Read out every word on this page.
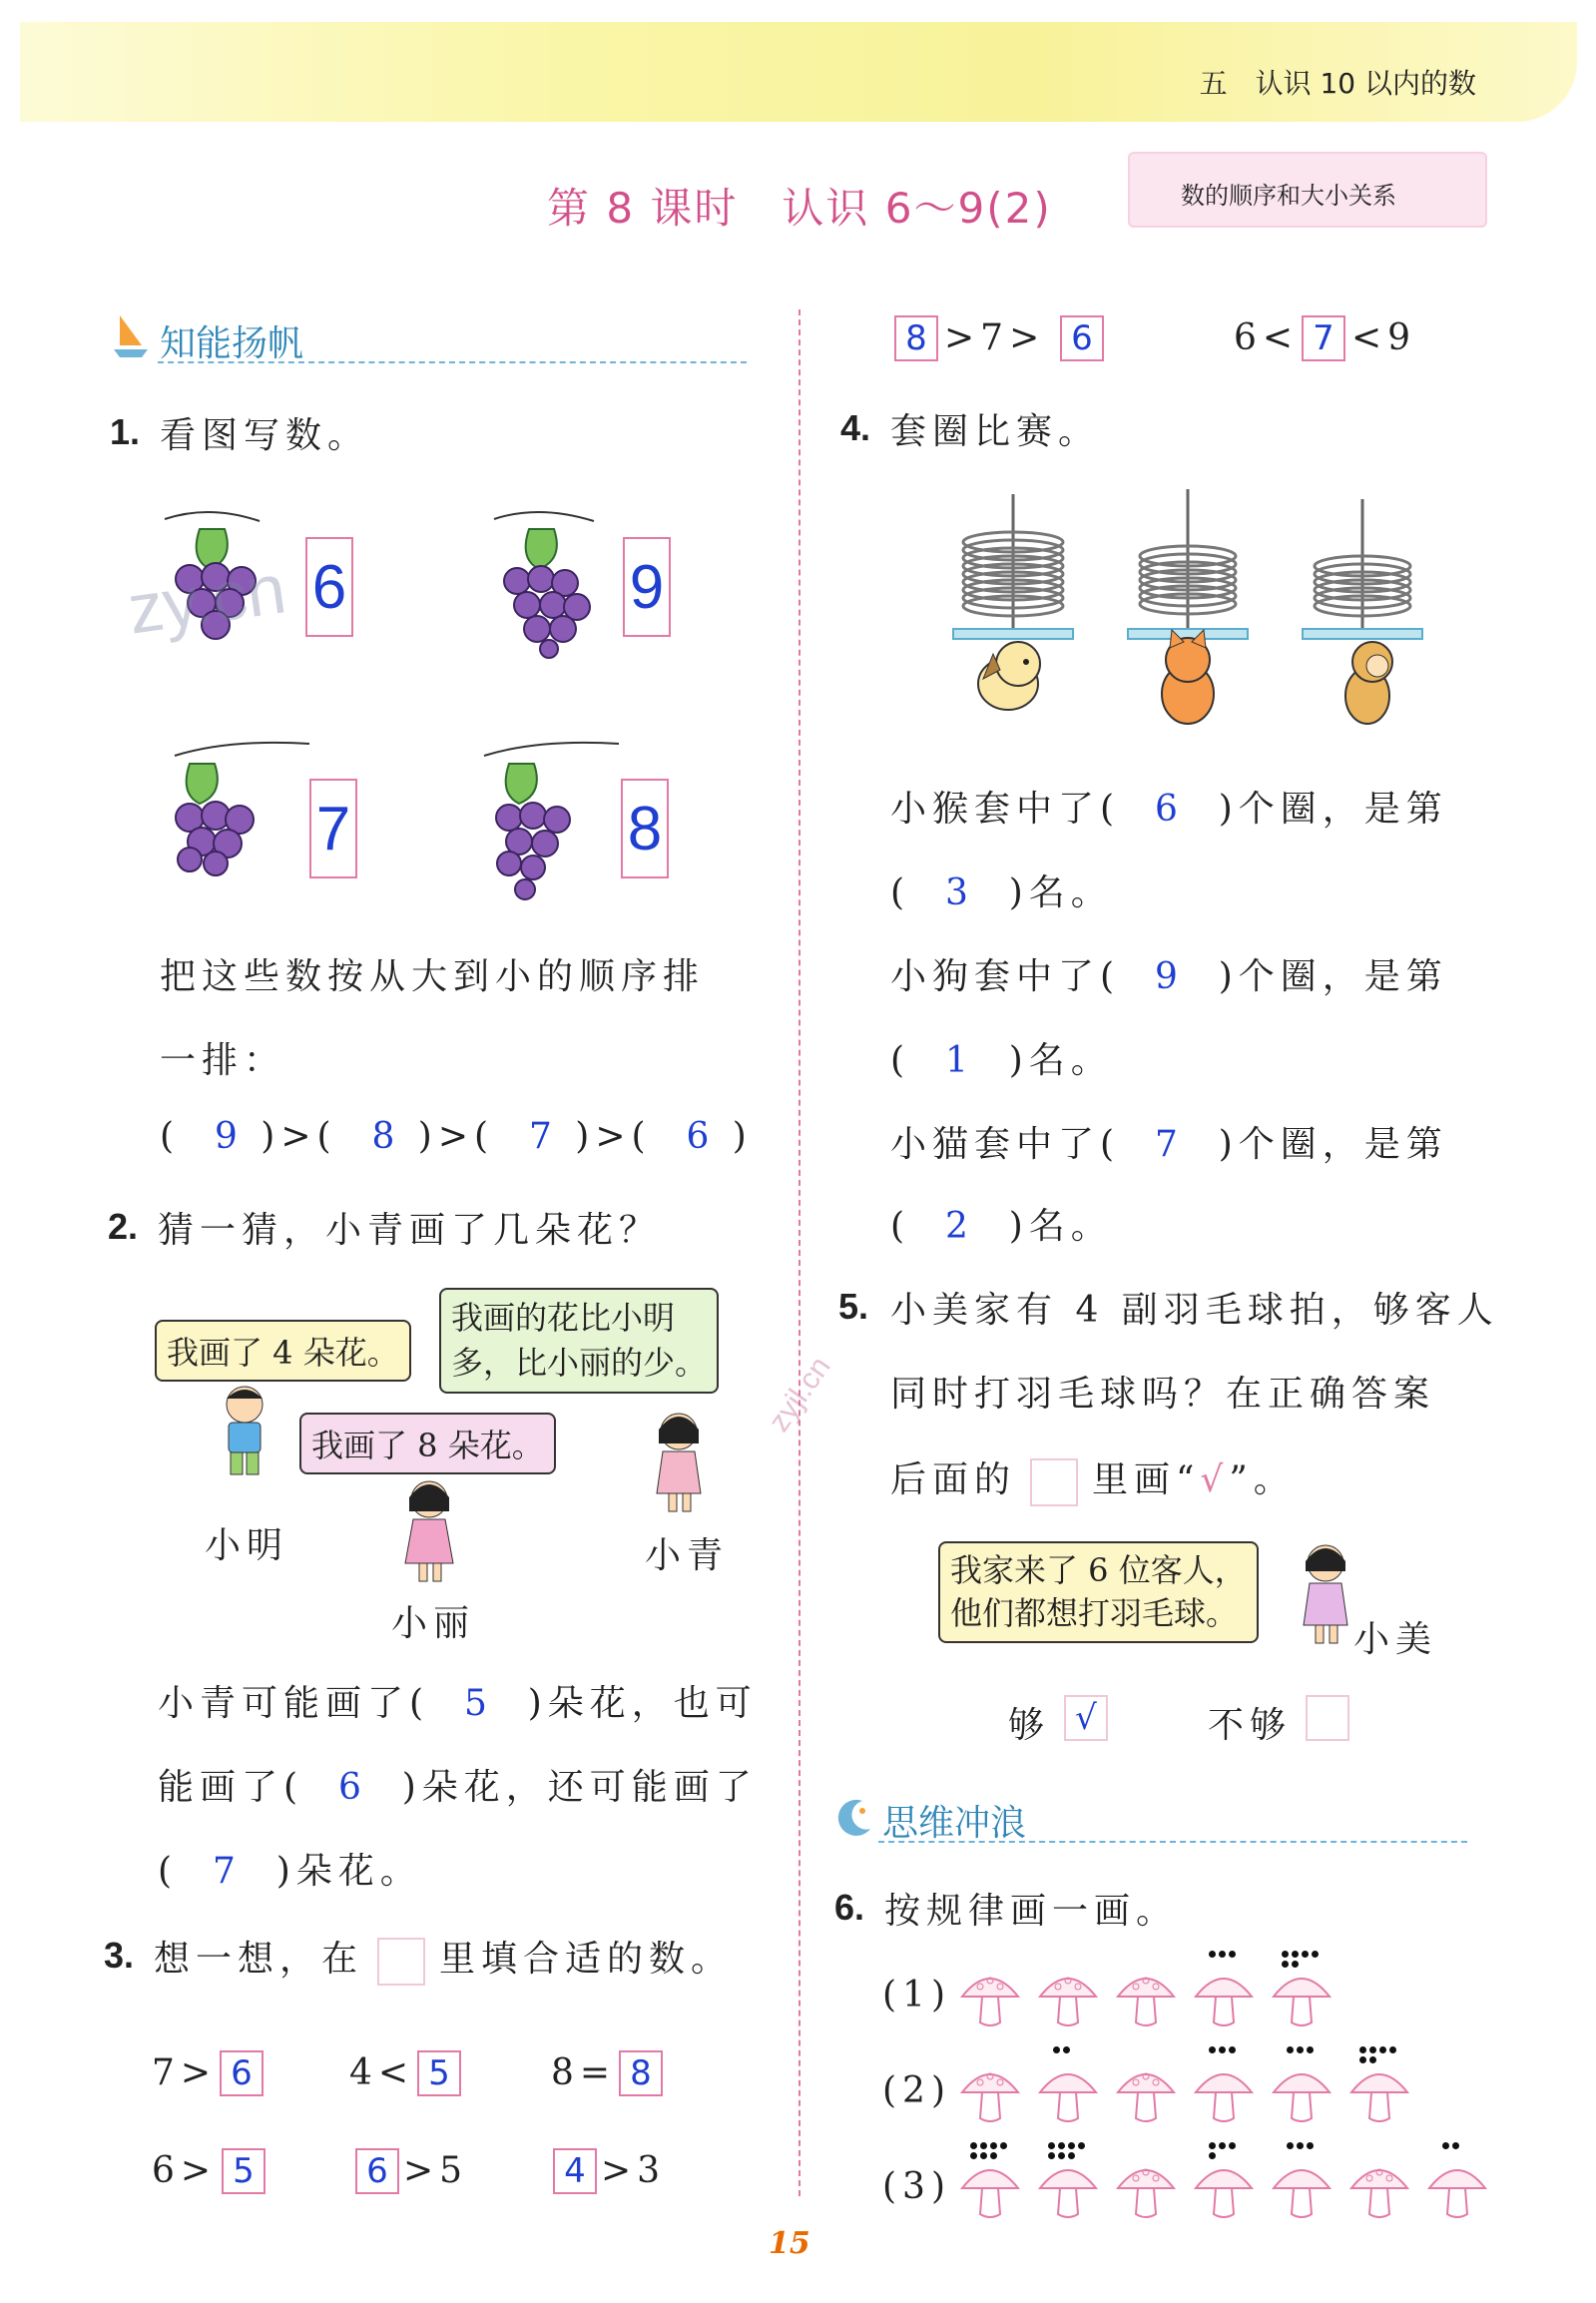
五　认识 10 以内的数
第 8 课时　认识 6～9(2)	数的顺序和大小关系
知能扬帆
1. 看图写数。
6	9
7	8
把这些数按从大到小的顺序排
一排：
(  9 )>(  8 )>(  7 )>(  6 )
2. 猜一猜，小青画了几朵花？
我画了 4 朵花。
我画的花比小明
多，比小丽的少。
我画了 8 朵花。
小明
小丽
小青
小青可能画了( 5 )朵花，也可
能画了( 6 )朵花，还可能画了
( 7 )朵花。
3. 想一想，在 里填合适的数。
7> 6	4< 5	8= 8
6> 5	6 >5	4 >3
8 >7> 6	6< 7 <9
4. 套圈比赛。
小猴套中了( 6 )个圈，是第
( 3 )名。
小狗套中了( 9 )个圈，是第
( 1 )名。
小猫套中了( 7 )个圈，是第
( 2 )名。
5. 小美家有 4 副羽毛球拍，够客人
同时打羽毛球吗？在正确答案
后面的 里画“√”。
我家来了 6 位客人，
他们都想打羽毛球。
小美
够 √	不够
思维冲浪
6. 按规律画一画。
(1)
(2)
(3)
zy.cn
zyjl.cn
15
